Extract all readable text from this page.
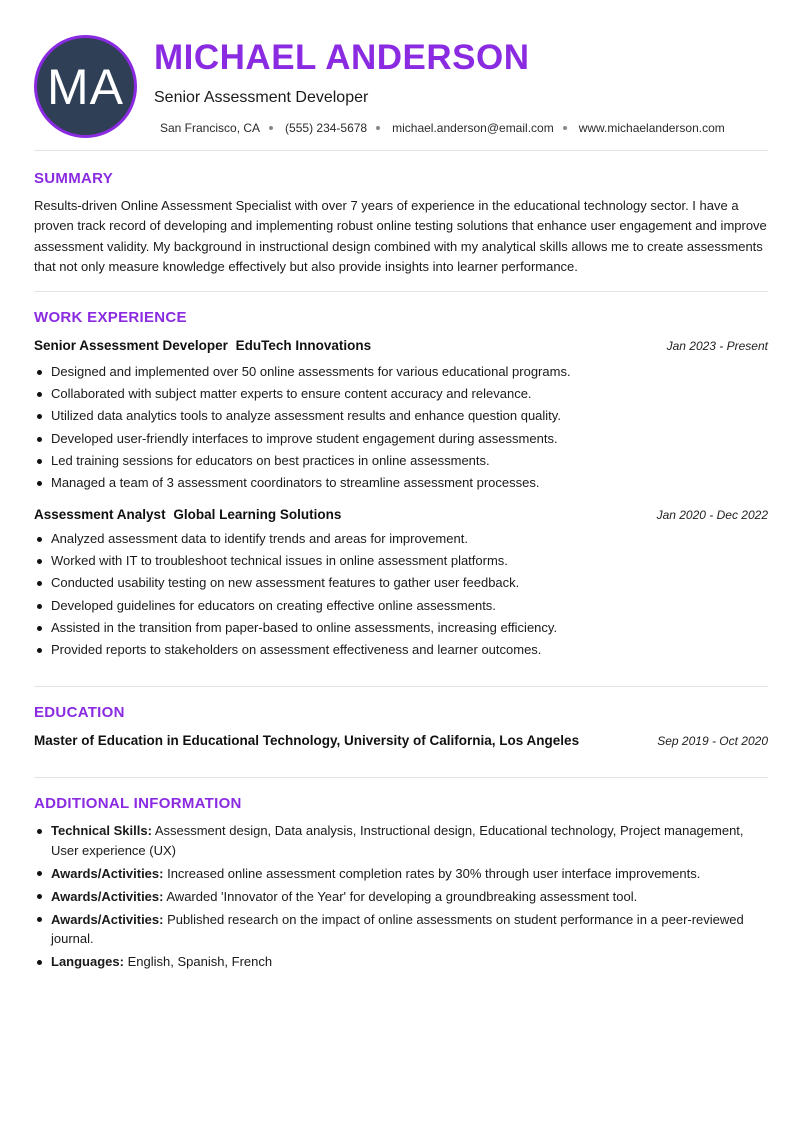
MA
MICHAEL ANDERSON
Senior Assessment Developer
San Francisco, CA (555) 234-5678 michael.anderson@email.com www.michaelanderson.com
SUMMARY

Results-driven Online Assessment Specialist with over 7 years of experience in the educational technology sector. I have a proven track record of developing and implementing robust online testing solutions that enhance user engagement and improve assessment validity. My background in instructional design combined with my analytical skills allows me to create assessments that not only measure knowledge effectively but also provide insights into learner performance.

WORK EXPERIENCE
Senior Assessment Developer EduTech Innovations	Jan 2023 - Present
Designed and implemented over 50 online assessments for various educational programs.
Collaborated with subject matter experts to ensure content accuracy and relevance.
Utilized data analytics tools to analyze assessment results and enhance question quality.
Developed user-friendly interfaces to improve student engagement during assessments.
Led training sessions for educators on best practices in online assessments.
Managed a team of 3 assessment coordinators to streamline assessment processes.
Assessment Analyst Global Learning Solutions	Jan 2020 - Dec 2022
Analyzed assessment data to identify trends and areas for improvement.
Worked with IT to troubleshoot technical issues in online assessment platforms.
Conducted usability testing on new assessment features to gather user feedback.
Developed guidelines for educators on creating effective online assessments.
Assisted in the transition from paper-based to online assessments, increasing efficiency.
Provided reports to stakeholders on assessment effectiveness and learner outcomes.
EDUCATION
Master of Education in Educational Technology, University of California, Los Angeles	Sep 2019 - Oct 2020
ADDITIONAL INFORMATION
Technical Skills: Assessment design, Data analysis, Instructional design, Educational technology, Project management, User experience (UX)
Awards/Activities: Increased online assessment completion rates by 30% through user interface improvements.
Awards/Activities: Awarded 'Innovator of the Year' for developing a groundbreaking assessment tool.
Awards/Activities: Published research on the impact of online assessments on student performance in a peer-reviewed journal.
Languages: English, Spanish, French
